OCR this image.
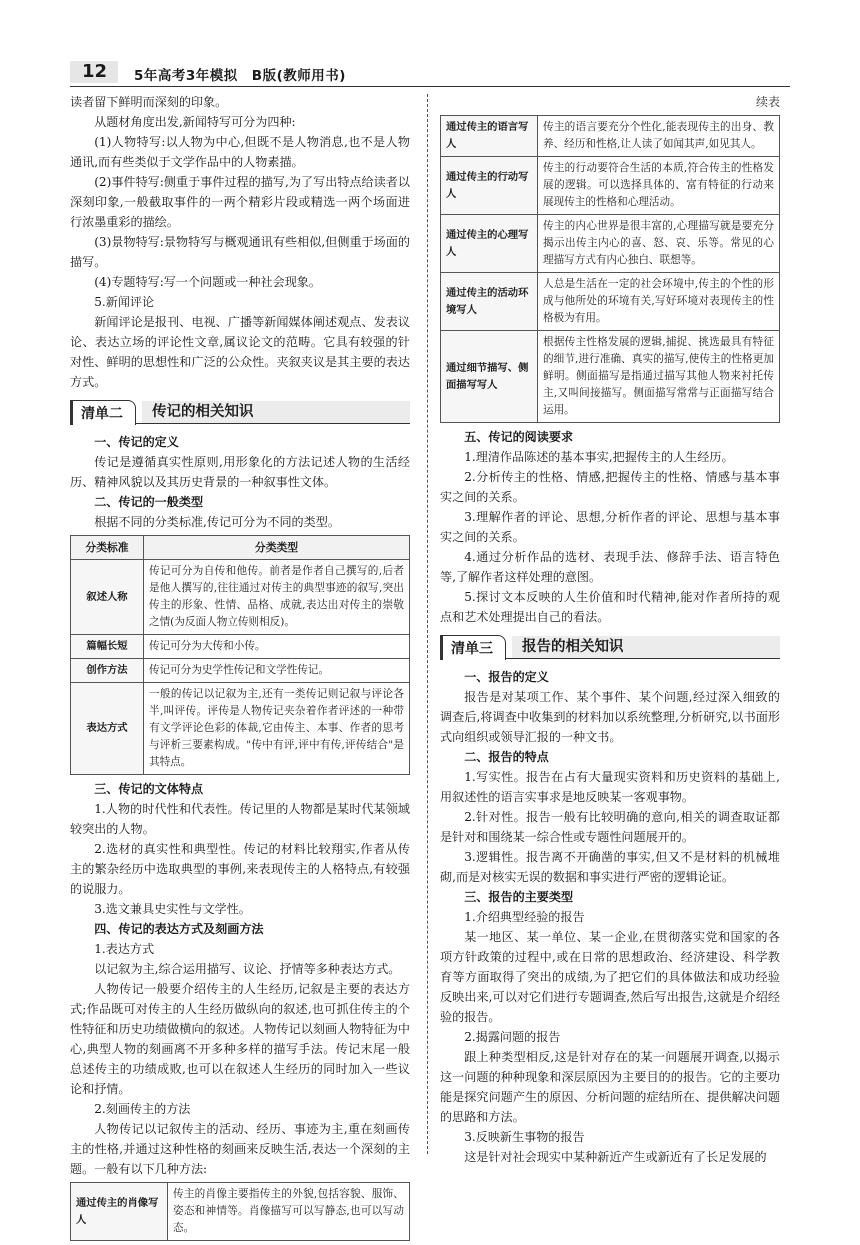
12 5年高考3年模拟　B版(教师用书)

读者留下鲜明而深刻的印象。

从题材角度出发,新闻特写可分为四种:

(1)人物特写:以人物为中心,但既不是人物消息,也不是人物通讯,而有些类似于文学作品中的人物素描。

(2)事件特写:侧重于事件过程的描写,为了写出特点给读者以深刻印象,一般截取事件的一两个精彩片段或精选一两个场面进行浓墨重彩的描绘。

(3)景物特写:景物特写与概观通讯有些相似,但侧重于场面的描写。

(4)专题特写:写一个问题或一种社会现象。

5.新闻评论

新闻评论是报刊、电视、广播等新闻媒体阐述观点、发表议论、表达立场的评论性文章,属议论文的范畴。它具有较强的针对性、鲜明的思想性和广泛的公众性。夹叙夹议是其主要的表达方式。

清单二 传记的相关知识

一、传记的定义

传记是遵循真实性原则,用形象化的方法记述人物的生活经历、精神风貌以及其历史背景的一种叙事性文体。

二、传记的一般类型

根据不同的分类标准,传记可分为不同的类型。

分类标准	分类类型
叙述人称	传记可分为自传和他传。前者是作者自己撰写的,后者是他人撰写的,往往通过对传主的典型事迹的叙写,突出传主的形象、性情、品格、成就,表达出对传主的崇敬之情(为反面人物立传则相反)。
篇幅长短	传记可分为大传和小传。
创作方法	传记可分为史学性传记和文学性传记。
表达方式	一般的传记以记叙为主,还有一类传记则记叙与评论各半,叫评传。评传是人物传记夹杂着作者评述的一种带有文学评论色彩的体裁,它由传主、本事、作者的思考与评析三要素构成。"传中有评,评中有传,评传结合"是其特点。

三、传记的文体特点

1.人物的时代性和代表性。传记里的人物都是某时代某领域较突出的人物。

2.选材的真实性和典型性。传记的材料比较翔实,作者从传主的繁杂经历中选取典型的事例,来表现传主的人格特点,有较强的说服力。

3.选文兼具史实性与文学性。

四、传记的表达方式及刻画方法

1.表达方式

以记叙为主,综合运用描写、议论、抒情等多种表达方式。

人物传记一般要介绍传主的人生经历,记叙是主要的表达方式;作品既可对传主的人生经历做纵向的叙述,也可抓住传主的个性特征和历史功绩做横向的叙述。人物传记以刻画人物特征为中心,典型人物的刻画离不开多种多样的描写手法。传记末尾一般总述传主的功绩成败,也可以在叙述人生经历的同时加入一些议论和抒情。

2.刻画传主的方法

人物传记以记叙传主的活动、经历、事迹为主,重在刻画传主的性格,并通过这种性格的刻画来反映生活,表达一个深刻的主题。一般有以下几种方法:

通过传主的肖像写人	传主的肖像主要指传主的外貌,包括容貌、服饰、姿态和神情等。肖像描写可以写静态,也可以写动态。

续表

通过传主的语言写人	传主的语言要充分个性化,能表现传主的出身、教养、经历和性格,让人读了如闻其声,如见其人。
通过传主的行动写人	传主的行动要符合生活的本质,符合传主的性格发展的逻辑。可以选择具体的、富有特征的行动来展现传主的性格和心理活动。
通过传主的心理写人	传主的内心世界是很丰富的,心理描写就是要充分揭示出传主内心的喜、怒、哀、乐等。常见的心理描写方式有内心独白、联想等。
通过传主的活动环境写人	人总是生活在一定的社会环境中,传主的个性的形成与他所处的环境有关,写好环境对表现传主的性格极为有用。
通过细节描写、侧面描写写人	根据传主性格发展的逻辑,捕捉、挑选最具有特征的细节,进行准确、真实的描写,使传主的性格更加鲜明。侧面描写是指通过描写其他人物来衬托传主,又叫间接描写。侧面描写常常与正面描写结合运用。

五、传记的阅读要求

1.理清作品陈述的基本事实,把握传主的人生经历。

2.分析传主的性格、情感,把握传主的性格、情感与基本事实之间的关系。

3.理解作者的评论、思想,分析作者的评论、思想与基本事实之间的关系。

4.通过分析作品的选材、表现手法、修辞手法、语言特色等,了解作者这样处理的意图。

5.探讨文本反映的人生价值和时代精神,能对作者所持的观点和艺术处理提出自己的看法。

清单三 报告的相关知识

一、报告的定义

报告是对某项工作、某个事件、某个问题,经过深入细致的调查后,将调查中收集到的材料加以系统整理,分析研究,以书面形式向组织或领导汇报的一种文书。

二、报告的特点

1.写实性。报告在占有大量现实资料和历史资料的基础上,用叙述性的语言实事求是地反映某一客观事物。

2.针对性。报告一般有比较明确的意向,相关的调查取证都是针对和围绕某一综合性或专题性问题展开的。

3.逻辑性。报告离不开确凿的事实,但又不是材料的机械堆砌,而是对核实无误的数据和事实进行严密的逻辑论证。

三、报告的主要类型

1.介绍典型经验的报告

某一地区、某一单位、某一企业,在贯彻落实党和国家的各项方针政策的过程中,或在日常的思想政治、经济建设、科学教育等方面取得了突出的成绩,为了把它们的具体做法和成功经验反映出来,可以对它们进行专题调查,然后写出报告,这就是介绍经验的报告。

2.揭露问题的报告

跟上种类型相反,这是针对存在的某一问题展开调查,以揭示这一问题的种种现象和深层原因为主要目的的报告。它的主要功能是探究问题产生的原因、分析问题的症结所在、提供解决问题的思路和方法。

3.反映新生事物的报告

这是针对社会现实中某种新近产生或新近有了长足发展的
